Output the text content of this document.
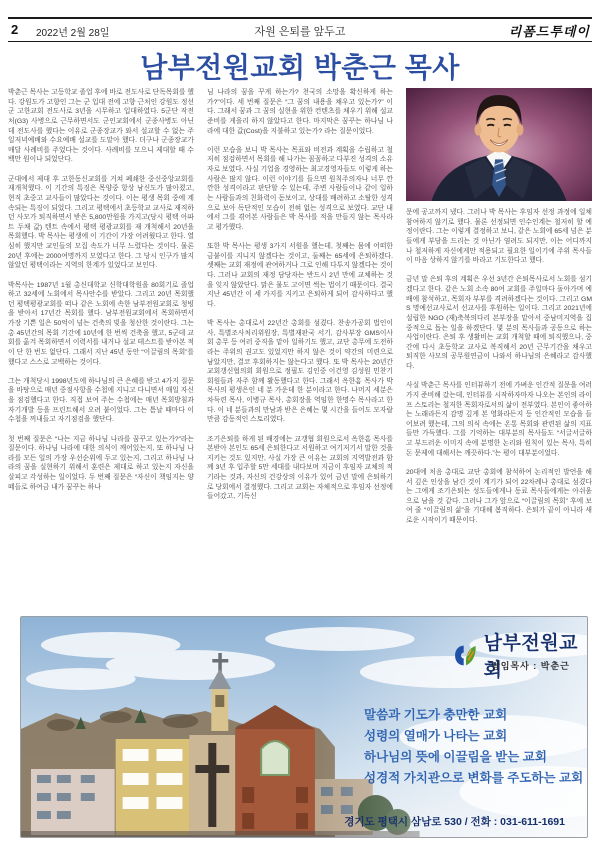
2 2022년 2월 28일	자원 은퇴를 앞두고	리폼드투데이
남부전원교회 박춘근 목사

박춘근 목사는 고등학교 졸업 후에 바로 전도사로 단독목회를 했다. 강원도가 고향인 그는 군 입대 전에 고향 근처인 강원도 정선군 고한교회 전도사로 3년을 시무하고 입대하였다. 5군단 작전처(G3) 사병으로 근무하면서도 군인교회에서 군종사병도 아닌데 전도사를 했다는 이유로 군종장교가 와서 설교할 수 없는 주일저녁예배와 수요예배 설교를 도맡아 했다. 더구나 군종장교가 매달 사례비를 주었다는 것이다. 사례비를 모으니 제대할 때 수백만 원이나 되었단다.

군대에서 제대 후 고한동신교회를 거쳐 폐쇄한 중신중앙교회를 재개척했다. 이 기간의 특징은 목양중 항상 남신도가 많아졌고, 현직 초중고 교사들이 많았다는 것이다. 이는 평생 목회 중에 계속되는 특징이 되었다. 그리고 평택에서 초등학교 교사로 재직하던 사모가 퇴직하면서 받은 5,800만원을 가지고(당시 평택 아파트 두채 값) 텐트 속에서 평택 평광교회를 재 개척해서 20년을 목회했다. 박 목사는 평생에 이 기간이 가장 어려웠다고 한다. 열심히 했지만 교인들의 모집 속도가 너무 느렸다는 것이다. 물론 20년 후에는 2000여명까지 모였다고 한다. 그 당시 인구가 많지 않았던 평택이라는 지역의 한계가 있었다고 보인다.

박목사는 1987년 1월 총신대학교 신학대학원을 80회기로 졸업하고 32세에 노회에서 목사안수를 받았다. 그리고 20년 목회했던 평택평광교회를 떠나 같은 노회에 속한 남부전원교회로 청빙을 받아서 17년간 목회를 했다. 남부전원교회에서 목회하면서 가장 기쁜 일은 50억이 넘는 건축의 빚을 청산한 것이란다. 그는 총 45년간의 목회 기간에 10년에 한 번씩 건축을 했고, 5군데 교회를 옮겨 목회하면서 이력서를 내거나 설교 테스트를 받아본 적이 단 한 번도 없단다. 그래서 지난 45년 동안 “이끌림의 목회”를 했다고 스스로 고백하는 것이다.

그는 개척당시 1998년도에 하나님의 큰 은혜를 받고 4가지 질문을 바탕으로 매년 중점사항을 수첩에 지니고 다니면서 매일 자신을 점검했다고 한다. 직접 보여 주는 수첩에는 매년 목회방침과 자기개발 등을 프린트해서 오려 붙이었다. 그는 틈날 때마다 이 수첩을 꺼내들고 자기점검을 했단다.

첫 번째 질문은 “나는 지금 하나님 나라를 꿈꾸고 있는가?”라는 질문이다. 하나님 나라에 대한 의식이 깨어있는지, 또 하나님 나라를 모든 일의 가장 우선순위에 두고 있는지, 그리고 하나님 나라의 꿈을 실현하기 위해서 훈련은 제대로 하고 있는지 자신을 살피고 각성하는 일이었다. 두 번째 질문은 “자신이 책임지는 양떼들로 하여금 내가 꿈꾸는 하나

님 나라의 꿈을 꾸게 하는가? 천국의 소망을 확신하게 하는가?”이다. 세 번째 질문은 “그 꿈의 내용을 채우고 있는가?” 이다. 그래서 꿈과 그 꿈의 실현을 위한 컨텐츠를 채우기 위해 설교준비를 게을리 하지 않았다고 한다. 마지막은 꿈꾸는 하나님 나라에 대한 값(Cost)을 지불하고 있는가? 라는 질문이었다.

이런 모습을 보니 박 목사는 목표와 비전과 계획을 수립하고 철저히 점검하면서 목회를 해 나가는 꼼꼼하고 다부진 성격의 소유자로 보였다. 사실 기업을 경영하는 최고경영자들도 이렇게 하는 사람은 많지 않다. 이런 이야기를 들으면 원칙주의자나 너무 깐깐한 성격이라고 판단할 수 있는데, 주변 사람들이나 같이 일하는 사람들과의 친화력이 돋보이고, 상대를 배려하고 소탈한 성격으로 보아 독단적인 모습이 전혀 없는 성격으로 보였다. 교단 내에서 그를 겪어본 사람들은 박 목사를 적을 만들지 않는 목사라고 평가했다.

또한 박 목사는 평생 3가지 서원을 했는데, 첫째는 몸에 어떠한 금붙이를 지니지 않겠다는 것이고, 둘째는 65세에 은퇴하겠다. 셋째는 교회 재정에 관여하거나 그로 인해 다투지 않겠다는 것이다. 그러나 교회의 재정 담당자는 반드시 2년 만에 교체하는 것을 잊지 않았단다. 맑은 물도 고이면 썩는 법이기 때문이다. 결국 지난 45년간 이 세 가지를 지키고 은퇴하게 되어 감사하다고 했다.

박 목사는 총대로서 22년간 총회를 섬겼다. 찬송가공회 법인이사, 특별조사처리위원장, 특별재판국 서기, 감사부장 GMS이사회 총무 등 여러 중직을 맡아 일하기도 했고, 교단 총무에 도전하라는 주위의 권고도 있었지만 하지 않은 것이 약간의 미련으로 남았지만, 결코 후회하지는 않는다고 했다. 또 박 목사는 20년간 교회갱신협의회 회원으로 정필도 김인중 이건영 김성원 민찬기 회원들과 자주 함께 활동했다고 한다. 그래서 옥한흠 목사가 박 목사의 평생은인 네 분 가운데 한 분이라고 한다. 나머지 세분은 차득련 목사, 이병규 목사, 총회장을 역임한 한명수 목사라고 한다. 이 네 분들과의 만남과 받은 은혜는 몇 시간을 들어도 모자랄 만큼 감동적인 스토리였다.

조기은퇴를 하게 된 배경에는 교갱협 회원으로서 옥한흠 목사를 본받아 본인도 65세 은퇴한다고 서원하고 여기저기서 말한 것을 지키는 것도 있지만, 사실 가장 큰 이유는 교회의 지역발전과 함께 3년 후 입주할 5만 세대를 내다보며 지금이 후임자 교체의 적기라는 것과, 자신의 건강상의 이유가 있어 금년 말에 은퇴하기로 당회에서 결정했다. 그리고 교회는 자체적으로 후임자 선정에 들어갔고, 기독신

문에 공고까지 냈다. 그러나 박 목사는 후임자 선정 과정에 일체 참여하지 않기로 했다. 물론 선정되면 인수인계는 철저히 할 예정이란다. 그는 이렇게 결정하고 보니, 같은 노회에 65세 넘은 분들에게 부담을 드리는 것 아닌가 염려도 되지만, 이는 어디까지나 철저하게 자신에게만 적용되고 필요한 일이기에 주위 목사들이 마음 상하지 않기를 바라고 기도한다고 했다.

금년 말 은퇴 후의 계획은 우선 3년간 은퇴목사로서 노회를 섬기겠다고 한다. 같은 노회 소속 80여 교회를 주일마다 돌아가며 예배에 참석하고, 목회자 부부를 격려하겠다는 것이다. 그리고 GMS 명예선교사로서 선교사를 후원하는 일이다. 그리고 2021년에 설립한 NGO (재)축복의다리 본부장을 맡아서 중남미지역을 집중적으로 돕는 일을 하겠단다. 몇 분의 목사들과 공동으로 하는 사업이란다. 은퇴 후 생활비는 교회 개척할 때에 퇴직했으나, 중간에 다시 초등학교 교사로 복직해서 20년 근무기간을 채우고 퇴직한 사모의 공무원연금이 나와서 하나님의 은혜라고 감사했다.

사실 박춘근 목사를 인터뷰하기 전에 가벼운 인간적 질문을 여러 가지 준비해 갔는데, 인터뷰를 시작하자마자 나오는 본인의 라이프 스토리는 철저한 목회자로서의 삶이 전부였다. 본인이 좋아하는 노래라든지 감명 깊게 본 영화라든지 등 인간적인 모습을 들어보려 했는데, 그의 의식 속에는 온통 목회와 관련된 삶의 지표들만 가득했다. 그를 기억하는 대부분의 목사들도 “서글서글하고 부드러운 이미지 속에 분명한 논리와 원칙이 있는 목사, 특히 돈 문제에 대해서는 깨끗하다.”는 평이 대부분이었다.

20대에 처음 총대로 교단 총회에 참석하여 논리적인 발언을 해서 깊은 인상을 남긴 것이 계기가 되어 22차례나 총대로 섬겼다는 그에게 조기은퇴는 성도들에게나 동료 목사들에게는 아쉬움으로 남을 것 같다. 그러나 그가 앞으로 “이끌림의 목회” 후에 보여 줄 “이끌림의 삶”을 기대해 봄직하다. 은퇴가 끝이 아니라 새로운 시작이기 때문이다.

남부전원교회
담임목사 : 박춘근
말씀과 기도가 충만한 교회
성령의 열매가 나타는 교회
하나님의 뜻에 이끌림을 받는 교회
성경적 가치관으로 변화를 주도하는 교회
경기도 평택시 삼남로 530 / 전화 : 031-611-1691
